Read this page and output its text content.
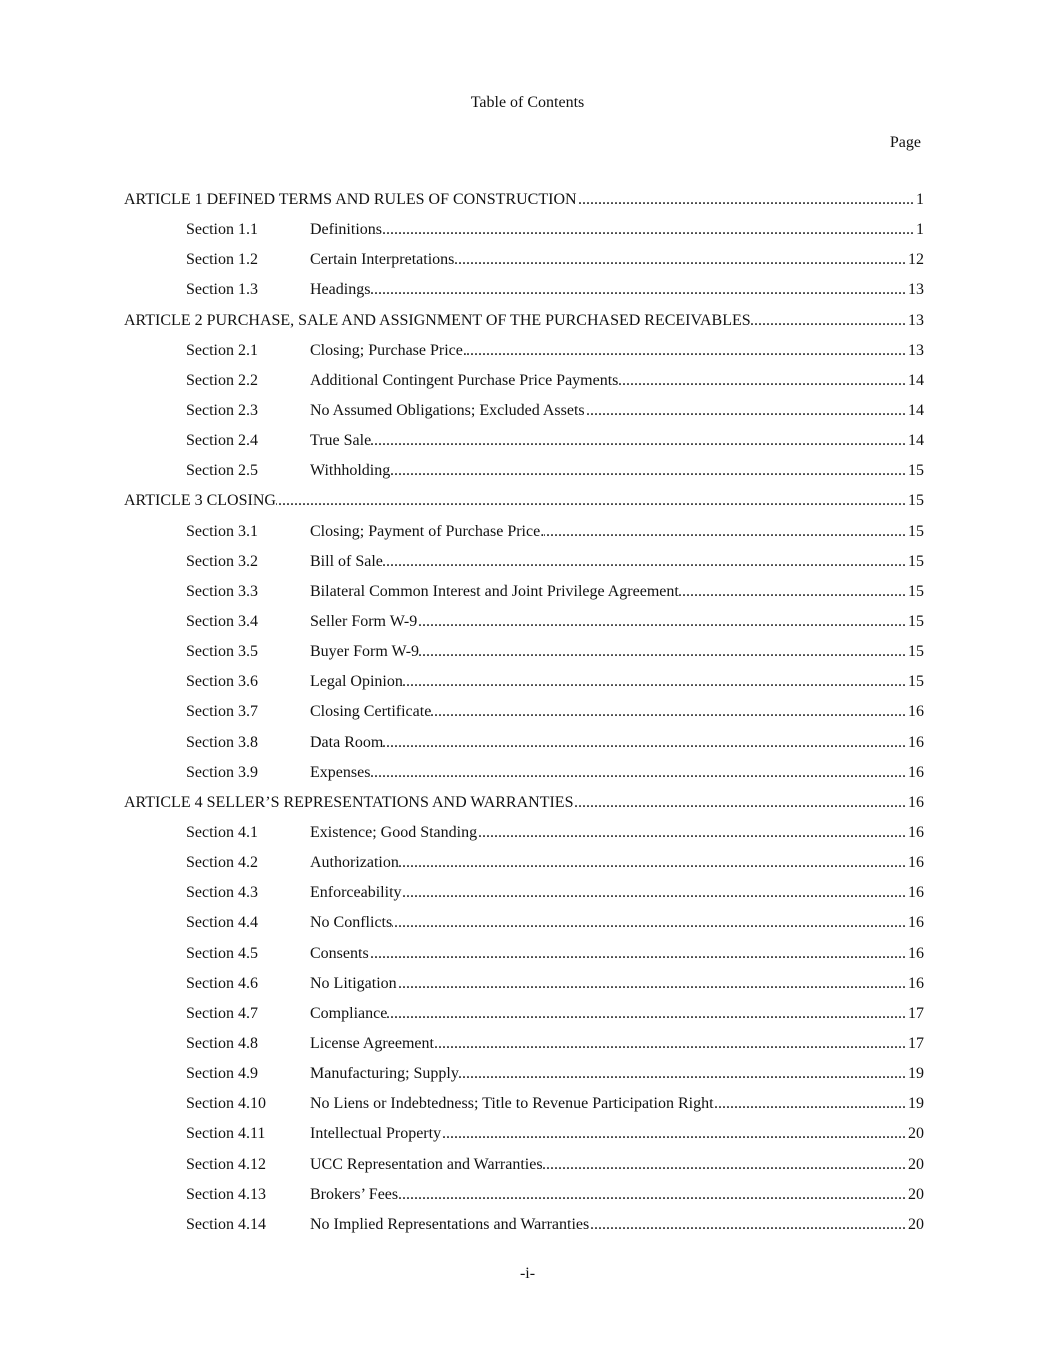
Table of Contents
Page
ARTICLE 1 DEFINED TERMS AND RULES OF CONSTRUCTION .....	1
Section 1.1	Definitions .....	1
Section 1.2	Certain Interpretations .....	12
Section 1.3	Headings .....	13
ARTICLE 2 PURCHASE, SALE AND ASSIGNMENT OF THE PURCHASED RECEIVABLES .....	13
Section 2.1	Closing; Purchase Price. .....	13
Section 2.2	Additional Contingent Purchase Price Payments .....	14
Section 2.3	No Assumed Obligations; Excluded Assets .....	14
Section 2.4	True Sale .....	14
Section 2.5	Withholding .....	15
ARTICLE 3 CLOSING .....	15
Section 3.1	Closing; Payment of Purchase Price. .....	15
Section 3.2	Bill of Sale .....	15
Section 3.3	Bilateral Common Interest and Joint Privilege Agreement .....	15
Section 3.4	Seller Form W-9 .....	15
Section 3.5	Buyer Form W-9 .....	15
Section 3.6	Legal Opinion .....	15
Section 3.7	Closing Certificate .....	16
Section 3.8	Data Room .....	16
Section 3.9	Expenses .....	16
ARTICLE 4 SELLER’S REPRESENTATIONS AND WARRANTIES .....	16
Section 4.1	Existence; Good Standing .....	16
Section 4.2	Authorization .....	16
Section 4.3	Enforceability .....	16
Section 4.4	No Conflicts .....	16
Section 4.5	Consents .....	16
Section 4.6	No Litigation .....	16
Section 4.7	Compliance .....	17
Section 4.8	License Agreement .....	17
Section 4.9	Manufacturing; Supply .....	19
Section 4.10	No Liens or Indebtedness; Title to Revenue Participation Right .....	19
Section 4.11	Intellectual Property .....	20
Section 4.12	UCC Representation and Warranties .....	20
Section 4.13	Brokers’ Fees .....	20
Section 4.14	No Implied Representations and Warranties .....	20
-i-
